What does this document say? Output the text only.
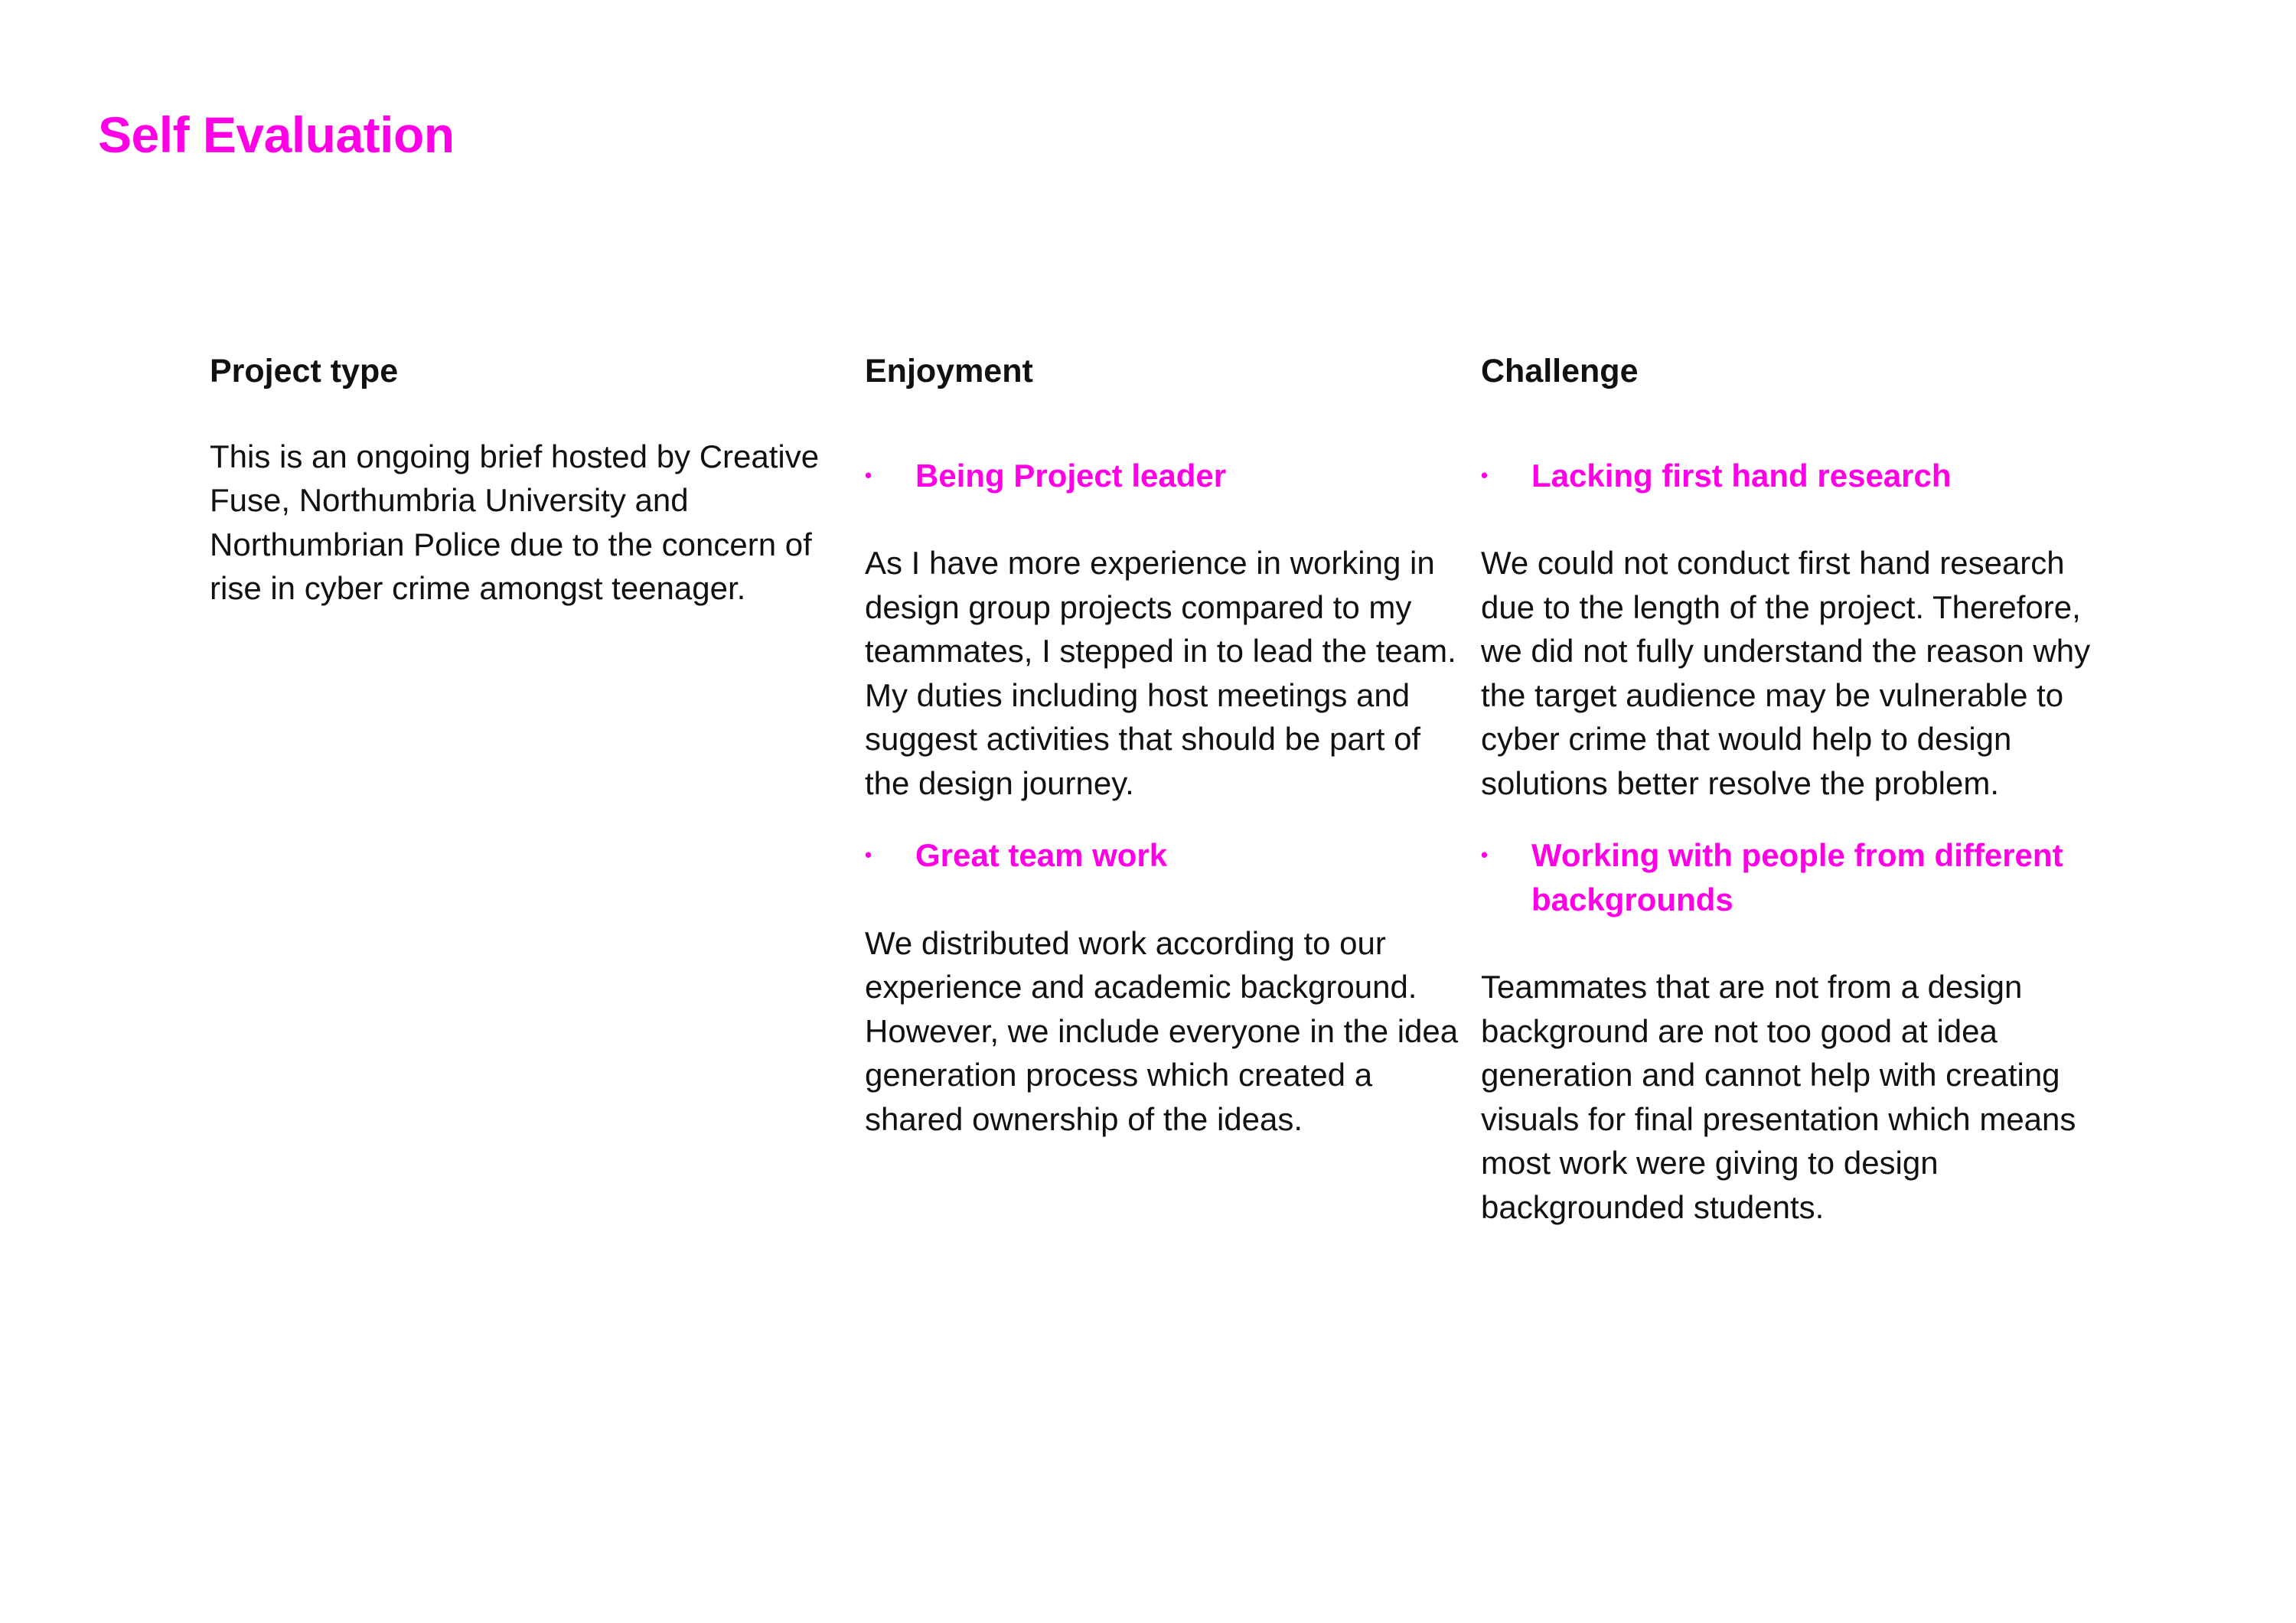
Self Evaluation
Project type

This is an ongoing brief hosted by Creative Fuse, Northumbria University and Northumbrian Police due to the concern of rise in cyber crime amongst teenager.

Enjoyment
•	Being Project leader

As I have more experience in working in design group projects compared to my teammates, I stepped in to lead the team. My duties including host meetings and suggest activities that should be part of the design journey.

•	Great team work

We distributed work according to our experience and academic background. However, we include everyone in the idea generation process which created a shared ownership of the ideas.

Challenge
•	Lacking first hand research

We could not conduct first hand research due to the length of the project. Therefore, we did not fully understand the reason why the target audience may be vulnerable to cyber crime that would help to design solutions better resolve the problem.

•	Working with people from different backgrounds

Teammates that are not from a design background are not too good at idea generation and cannot help with creating visuals for final presentation which means most work were giving to design backgrounded students.
